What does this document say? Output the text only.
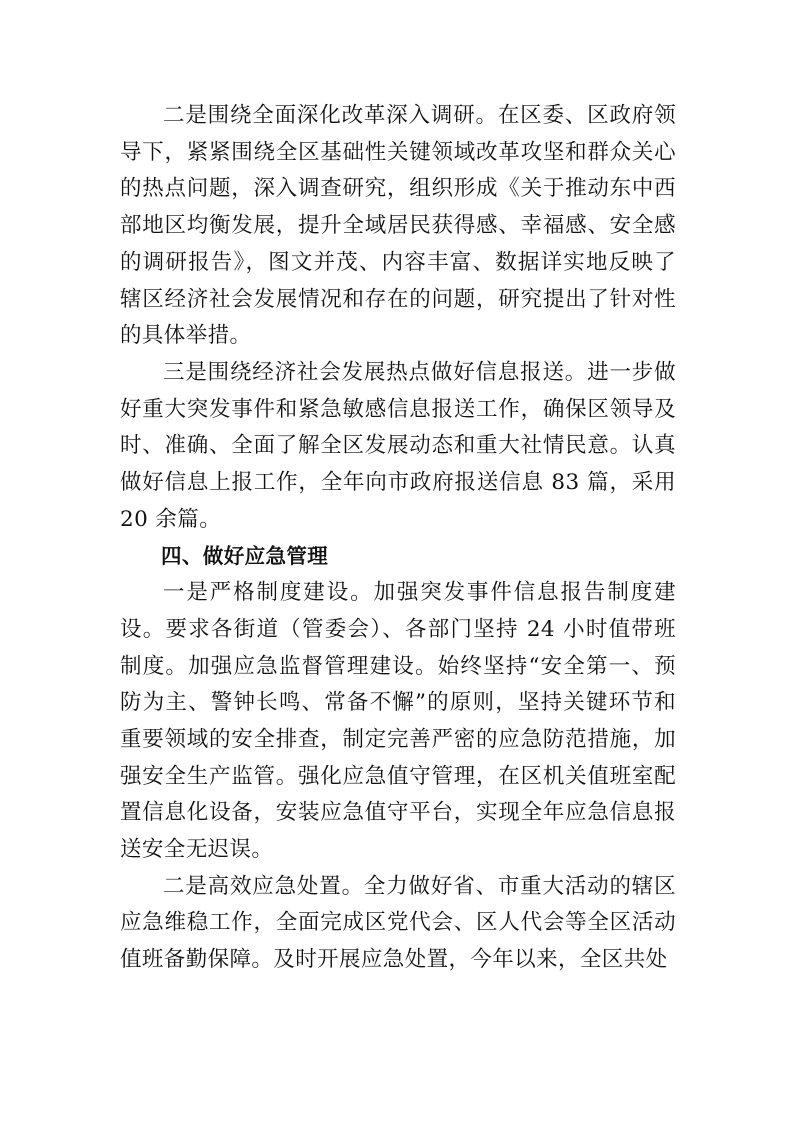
二是围绕全面深化改革深入调研。在区委、区政府领导下，紧紧围绕全区基础性关键领域改革攻坚和群众关心的热点问题，深入调查研究，组织形成《关于推动东中西部地区均衡发展，提升全域居民获得感、幸福感、安全感的调研报告》，图文并茂、内容丰富、数据详实地反映了辖区经济社会发展情况和存在的问题，研究提出了针对性的具体举措。

三是围绕经济社会发展热点做好信息报送。进一步做好重大突发事件和紧急敏感信息报送工作，确保区领导及时、准确、全面了解全区发展动态和重大社情民意。认真做好信息上报工作，全年向市政府报送信息 83 篇，采用 20 余篇。

四、做好应急管理

一是严格制度建设。加强突发事件信息报告制度建设。要求各街道（管委会）、各部门坚持 24 小时值带班制度。加强应急监督管理建设。始终坚持“安全第一、预防为主、警钟长鸣、常备不懈”的原则，坚持关键环节和重要领域的安全排查，制定完善严密的应急防范措施，加强安全生产监管。强化应急值守管理，在区机关值班室配置信息化设备，安装应急值守平台，实现全年应急信息报送安全无迟误。

二是高效应急处置。全力做好省、市重大活动的辖区应急维稳工作，全面完成区党代会、区人代会等全区活动值班备勤保障。及时开展应急处置，今年以来，全区共处
